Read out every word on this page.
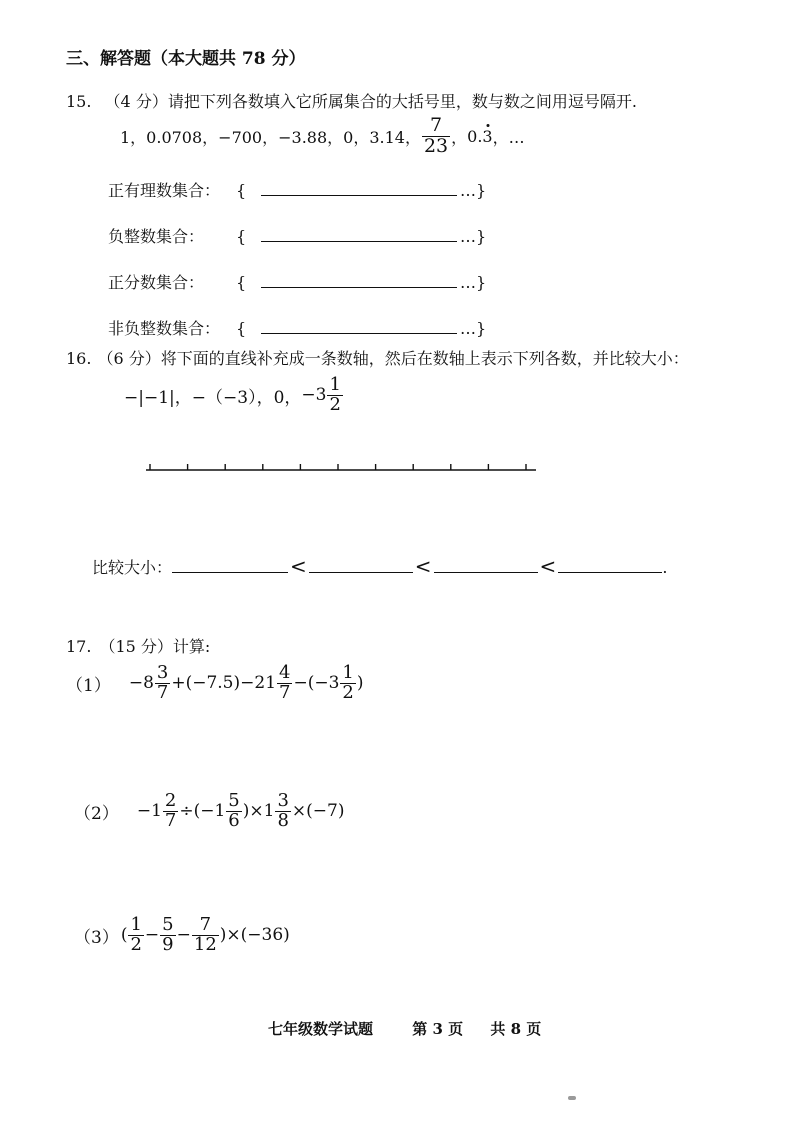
三、解答题（本大题共 78 分）
15. （4 分）请把下列各数填入它所属集合的大括号里，数与数之间用逗号隔开.
1，0.0708，−700，−3.88，0，3.14， $\frac{7}{23}$ ， 0.3 ，…
正有理数集合： {	…}
负整数集合：	{	…}
正分数集合：	{	…}
非负整数集合： {	…}
16. （6 分）将下面的直线补充成一条数轴，然后在数轴上表示下列各数，并比较大小：
−|−1|，−（−3），0， $-3 \frac{1}{2}$
比较大小：	<	<	<	.
17. （15 分）计算:
$(1) -8 \frac{3}{7} +(-7.5)-21 \frac{4}{7} -(-3 \frac{1}{2}$ )
$(2) -1 \frac{2}{7} \div(-1 \frac{5}{6} )\times 1 \frac{3}{8} \times(-7)$
（3） ( $\frac{1}{2} - \frac{5}{9} - \frac{7}{12} )\times(-36)$
七年级数学试题	第 3 页 共 8 页
